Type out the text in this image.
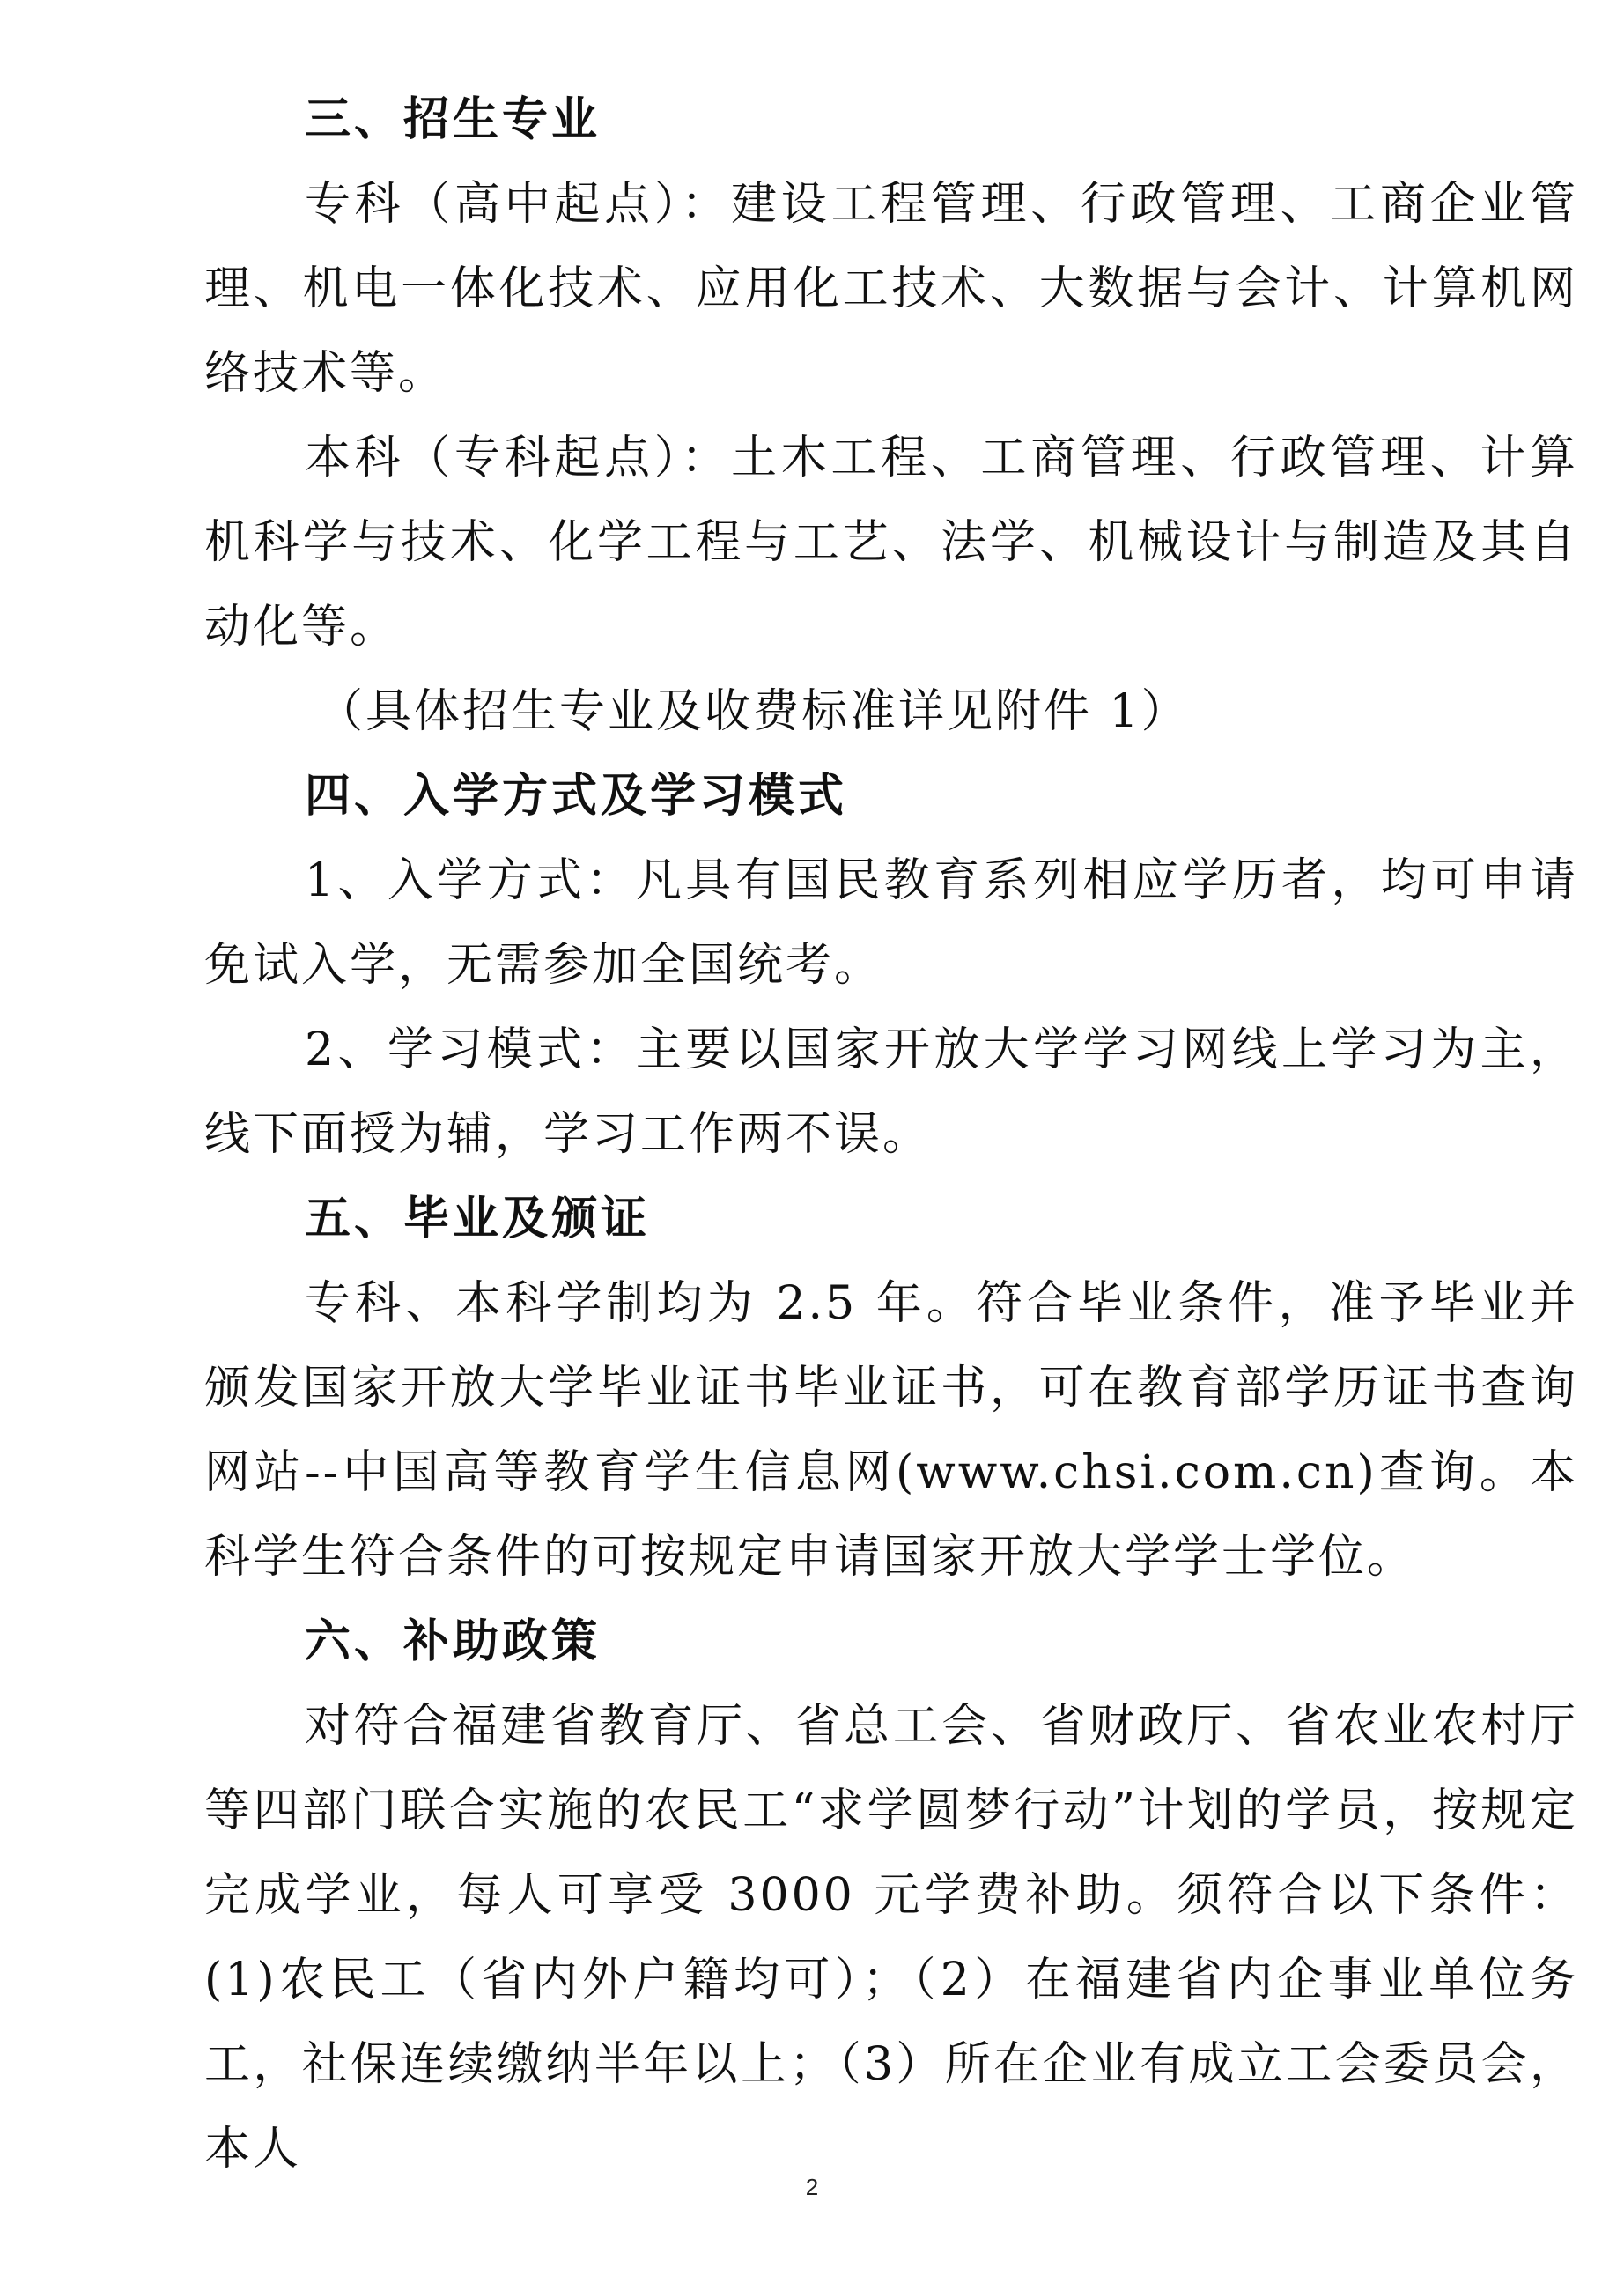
三、招生专业

专科（高中起点）：建设工程管理、行政管理、工商企业管理、机电一体化技术、应用化工技术、大数据与会计、计算机网络技术等。

本科（专科起点）：土木工程、工商管理、行政管理、计算机科学与技术、化学工程与工艺、法学、机械设计与制造及其自动化等。

（具体招生专业及收费标准详见附件 1）

四、入学方式及学习模式

1、入学方式：凡具有国民教育系列相应学历者，均可申请免试入学，无需参加全国统考。

2、学习模式：主要以国家开放大学学习网线上学习为主，线下面授为辅，学习工作两不误。

五、毕业及颁证

专科、本科学制均为 2.5 年。符合毕业条件，准予毕业并颁发国家开放大学毕业证书毕业证书，可在教育部学历证书查询网站--中国高等教育学生信息网(www.chsi.com.cn)查询。本科学生符合条件的可按规定申请国家开放大学学士学位。

六、补助政策

对符合福建省教育厅、省总工会、省财政厅、省农业农村厅等四部门联合实施的农民工“求学圆梦行动”计划的学员，按规定完成学业，每人可享受 3000 元学费补助。须符合以下条件：(1)农民工（省内外户籍均可）；（2）在福建省内企事业单位务工，社保连续缴纳半年以上；（3）所在企业有成立工会委员会，本人

2
